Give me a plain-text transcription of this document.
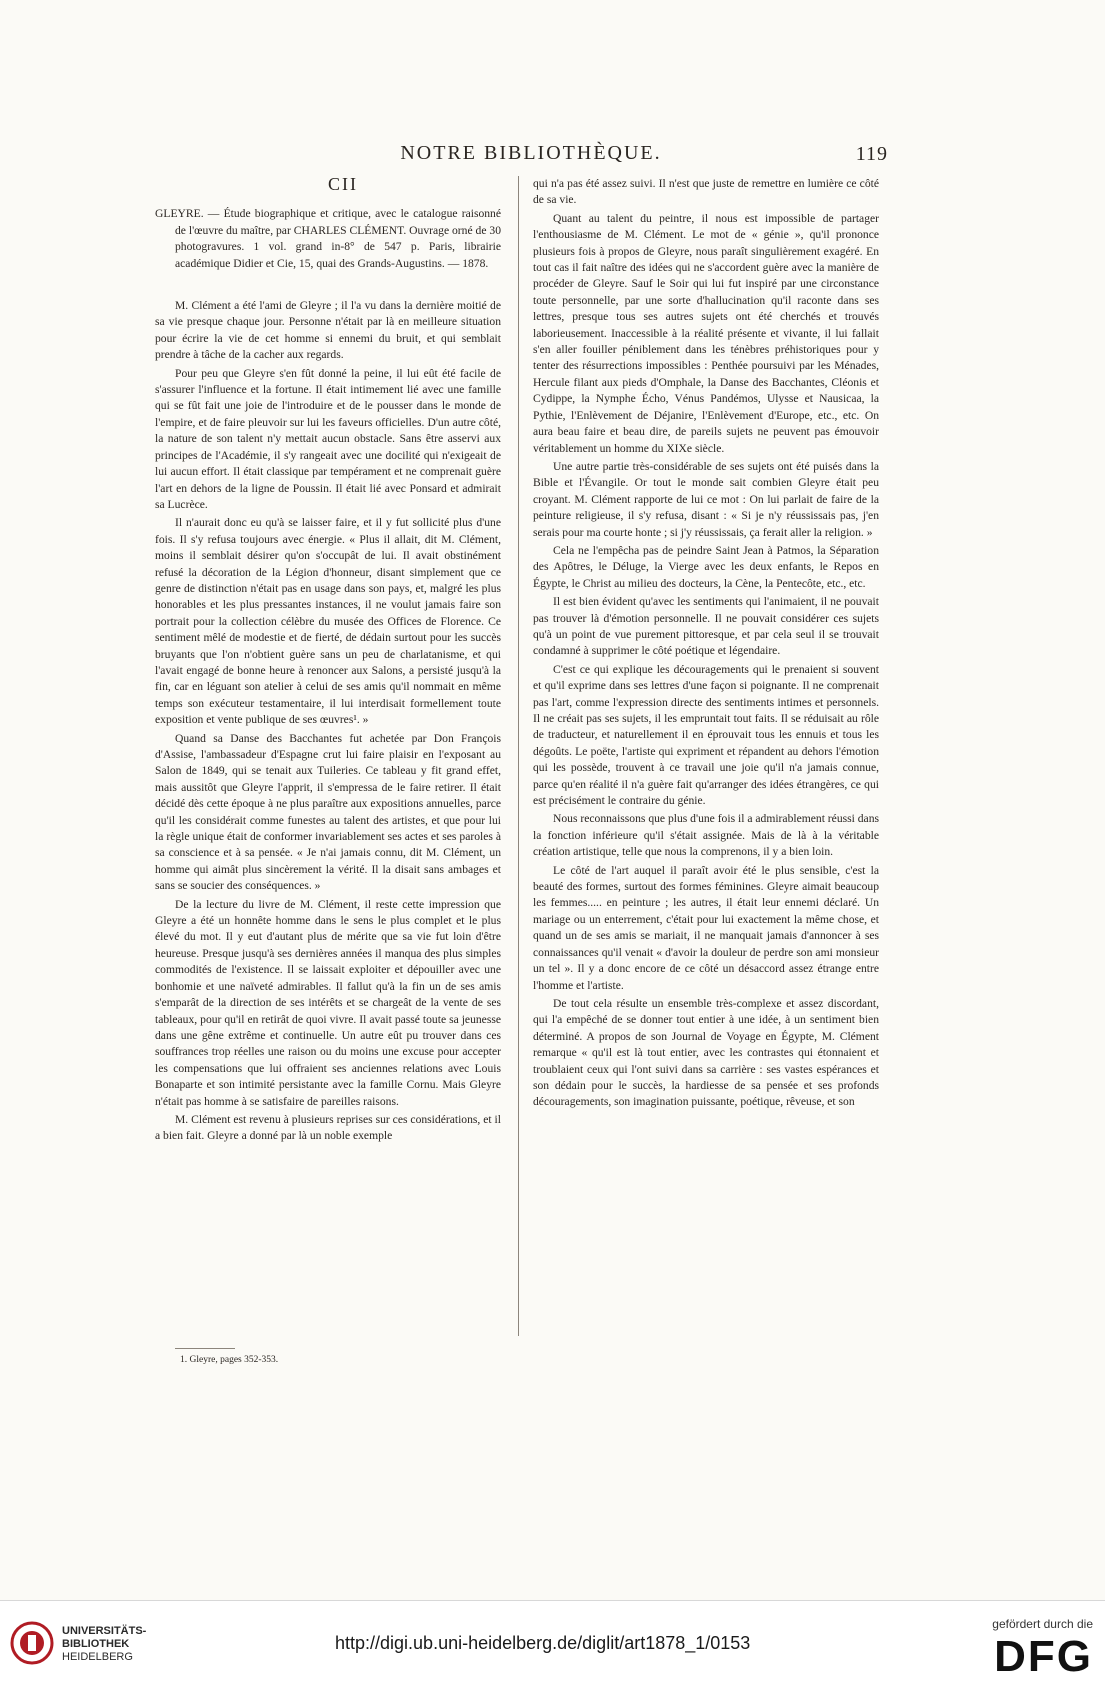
NOTRE BIBLIOTHÈQUE.	119
CII

GLEYRE. — Étude biographique et critique, avec le catalogue raisonné de l'œuvre du maître, par CHARLES CLÉMENT. Ouvrage orné de 30 photogravures. 1 vol. grand in-8° de 547 p. Paris, librairie académique Didier et Cie, 15, quai des Grands-Augustins. — 1878.

M. Clément a été l'ami de Gleyre ; il l'a vu dans la dernière moitié de sa vie presque chaque jour. Personne n'était par là en meilleure situation pour écrire la vie de cet homme si ennemi du bruit, et qui semblait prendre à tâche de la cacher aux regards.

Pour peu que Gleyre s'en fût donné la peine, il lui eût été facile de s'assurer l'influence et la fortune. Il était intimement lié avec une famille qui se fût fait une joie de l'introduire et de le pousser dans le monde de l'empire, et de faire pleuvoir sur lui les faveurs officielles. D'un autre côté, la nature de son talent n'y mettait aucun obstacle. Sans être asservi aux principes de l'Académie, il s'y rangeait avec une docilité qui n'exigeait de lui aucun effort. Il était classique par tempérament et ne comprenait guère l'art en dehors de la ligne de Poussin. Il était lié avec Ponsard et admirait sa Lucrèce.

Il n'aurait donc eu qu'à se laisser faire, et il y fut sollicité plus d'une fois. Il s'y refusa toujours avec énergie. « Plus il allait, dit M. Clément, moins il semblait désirer qu'on s'occupât de lui. Il avait obstinément refusé la décoration de la Légion d'honneur, disant simplement que ce genre de distinction n'était pas en usage dans son pays, et, malgré les plus honorables et les plus pressantes instances, il ne voulut jamais faire son portrait pour la collection célèbre du musée des Offices de Florence. Ce sentiment mêlé de modestie et de fierté, de dédain surtout pour les succès bruyants que l'on n'obtient guère sans un peu de charlatanisme, et qui l'avait engagé de bonne heure à renoncer aux Salons, a persisté jusqu'à la fin, car en léguant son atelier à celui de ses amis qu'il nommait en même temps son exécuteur testamentaire, il lui interdisait formellement toute exposition et vente publique de ses œuvres¹. »

Quand sa Danse des Bacchantes fut achetée par Don François d'Assise, l'ambassadeur d'Espagne crut lui faire plaisir en l'exposant au Salon de 1849, qui se tenait aux Tuileries. Ce tableau y fit grand effet, mais aussitôt que Gleyre l'apprit, il s'empressa de le faire retirer. Il était décidé dès cette époque à ne plus paraître aux expositions annuelles, parce qu'il les considérait comme funestes au talent des artistes, et que pour lui la règle unique était de conformer invariablement ses actes et ses paroles à sa conscience et à sa pensée. « Je n'ai jamais connu, dit M. Clément, un homme qui aimât plus sincèrement la vérité. Il la disait sans ambages et sans se soucier des conséquences. »

De la lecture du livre de M. Clément, il reste cette impression que Gleyre a été un honnête homme dans le sens le plus complet et le plus élevé du mot. Il y eut d'autant plus de mérite que sa vie fut loin d'être heureuse. Presque jusqu'à ses dernières années il manqua des plus simples commodités de l'existence. Il se laissait exploiter et dépouiller avec une bonhomie et une naïveté admirables. Il fallut qu'à la fin un de ses amis s'emparât de la direction de ses intérêts et se chargeât de la vente de ses tableaux, pour qu'il en retirât de quoi vivre. Il avait passé toute sa jeunesse dans une gêne extrême et continuelle. Un autre eût pu trouver dans ces souffrances trop réelles une raison ou du moins une excuse pour accepter les compensations que lui offraient ses anciennes relations avec Louis Bonaparte et son intimité persistante avec la famille Cornu. Mais Gleyre n'était pas homme à se satisfaire de pareilles raisons.

M. Clément est revenu à plusieurs reprises sur ces considérations, et il a bien fait. Gleyre a donné par là un noble exemple

qui n'a pas été assez suivi. Il n'est que juste de remettre en lumière ce côté de sa vie.

Quant au talent du peintre, il nous est impossible de partager l'enthousiasme de M. Clément. Le mot de « génie », qu'il prononce plusieurs fois à propos de Gleyre, nous paraît singulièrement exagéré. En tout cas il fait naître des idées qui ne s'accordent guère avec la manière de procéder de Gleyre. Sauf le Soir qui lui fut inspiré par une circonstance toute personnelle, par une sorte d'hallucination qu'il raconte dans ses lettres, presque tous ses autres sujets ont été cherchés et trouvés laborieusement. Inaccessible à la réalité présente et vivante, il lui fallait s'en aller fouiller péniblement dans les ténèbres préhistoriques pour y tenter des résurrections impossibles : Penthée poursuivi par les Ménades, Hercule filant aux pieds d'Omphale, la Danse des Bacchantes, Cléonis et Cydippe, la Nymphe Écho, Vénus Pandémos, Ulysse et Nausicaa, la Pythie, l'Enlèvement de Déjanire, l'Enlèvement d'Europe, etc., etc. On aura beau faire et beau dire, de pareils sujets ne peuvent pas émouvoir véritablement un homme du XIXe siècle.

Une autre partie très-considérable de ses sujets ont été puisés dans la Bible et l'Évangile. Or tout le monde sait combien Gleyre était peu croyant. M. Clément rapporte de lui ce mot : On lui parlait de faire de la peinture religieuse, il s'y refusa, disant : « Si je n'y réussissais pas, j'en serais pour ma courte honte ; si j'y réussissais, ça ferait aller la religion. »

Cela ne l'empêcha pas de peindre Saint Jean à Patmos, la Séparation des Apôtres, le Déluge, la Vierge avec les deux enfants, le Repos en Égypte, le Christ au milieu des docteurs, la Cène, la Pentecôte, etc., etc.

Il est bien évident qu'avec les sentiments qui l'animaient, il ne pouvait pas trouver là d'émotion personnelle. Il ne pouvait considérer ces sujets qu'à un point de vue purement pittoresque, et par cela seul il se trouvait condamné à supprimer le côté poétique et légendaire.

C'est ce qui explique les découragements qui le prenaient si souvent et qu'il exprime dans ses lettres d'une façon si poignante. Il ne comprenait pas l'art, comme l'expression directe des sentiments intimes et personnels. Il ne créait pas ses sujets, il les empruntait tout faits. Il se réduisait au rôle de traducteur, et naturellement il en éprouvait tous les ennuis et tous les dégoûts. Le poëte, l'artiste qui expriment et répandent au dehors l'émotion qui les possède, trouvent à ce travail une joie qu'il n'a jamais connue, parce qu'en réalité il n'a guère fait qu'arranger des idées étrangères, ce qui est précisément le contraire du génie.

Nous reconnaissons que plus d'une fois il a admirablement réussi dans la fonction inférieure qu'il s'était assignée. Mais de là à la véritable création artistique, telle que nous la comprenons, il y a bien loin.

Le côté de l'art auquel il paraît avoir été le plus sensible, c'est la beauté des formes, surtout des formes féminines. Gleyre aimait beaucoup les femmes..... en peinture ; les autres, il était leur ennemi déclaré. Un mariage ou un enterrement, c'était pour lui exactement la même chose, et quand un de ses amis se mariait, il ne manquait jamais d'annoncer à ses connaissances qu'il venait « d'avoir la douleur de perdre son ami monsieur un tel ». Il y a donc encore de ce côté un désaccord assez étrange entre l'homme et l'artiste.

De tout cela résulte un ensemble très-complexe et assez discordant, qui l'a empêché de se donner tout entier à une idée, à un sentiment bien déterminé. A propos de son Journal de Voyage en Égypte, M. Clément remarque « qu'il est là tout entier, avec les contrastes qui étonnaient et troublaient ceux qui l'ont suivi dans sa carrière : ses vastes espérances et son dédain pour le succès, la hardiesse de sa pensée et ses profonds découragements, son imagination puissante, poétique, rêveuse, et son

1. Gleyre, pages 352-353.
UNIVERSITÄTS-
BIBLIOTHEK
HEIDELBERG
http://digi.ub.uni-heidelberg.de/diglit/art1878_1/0153
gefördert durch die
DFG
